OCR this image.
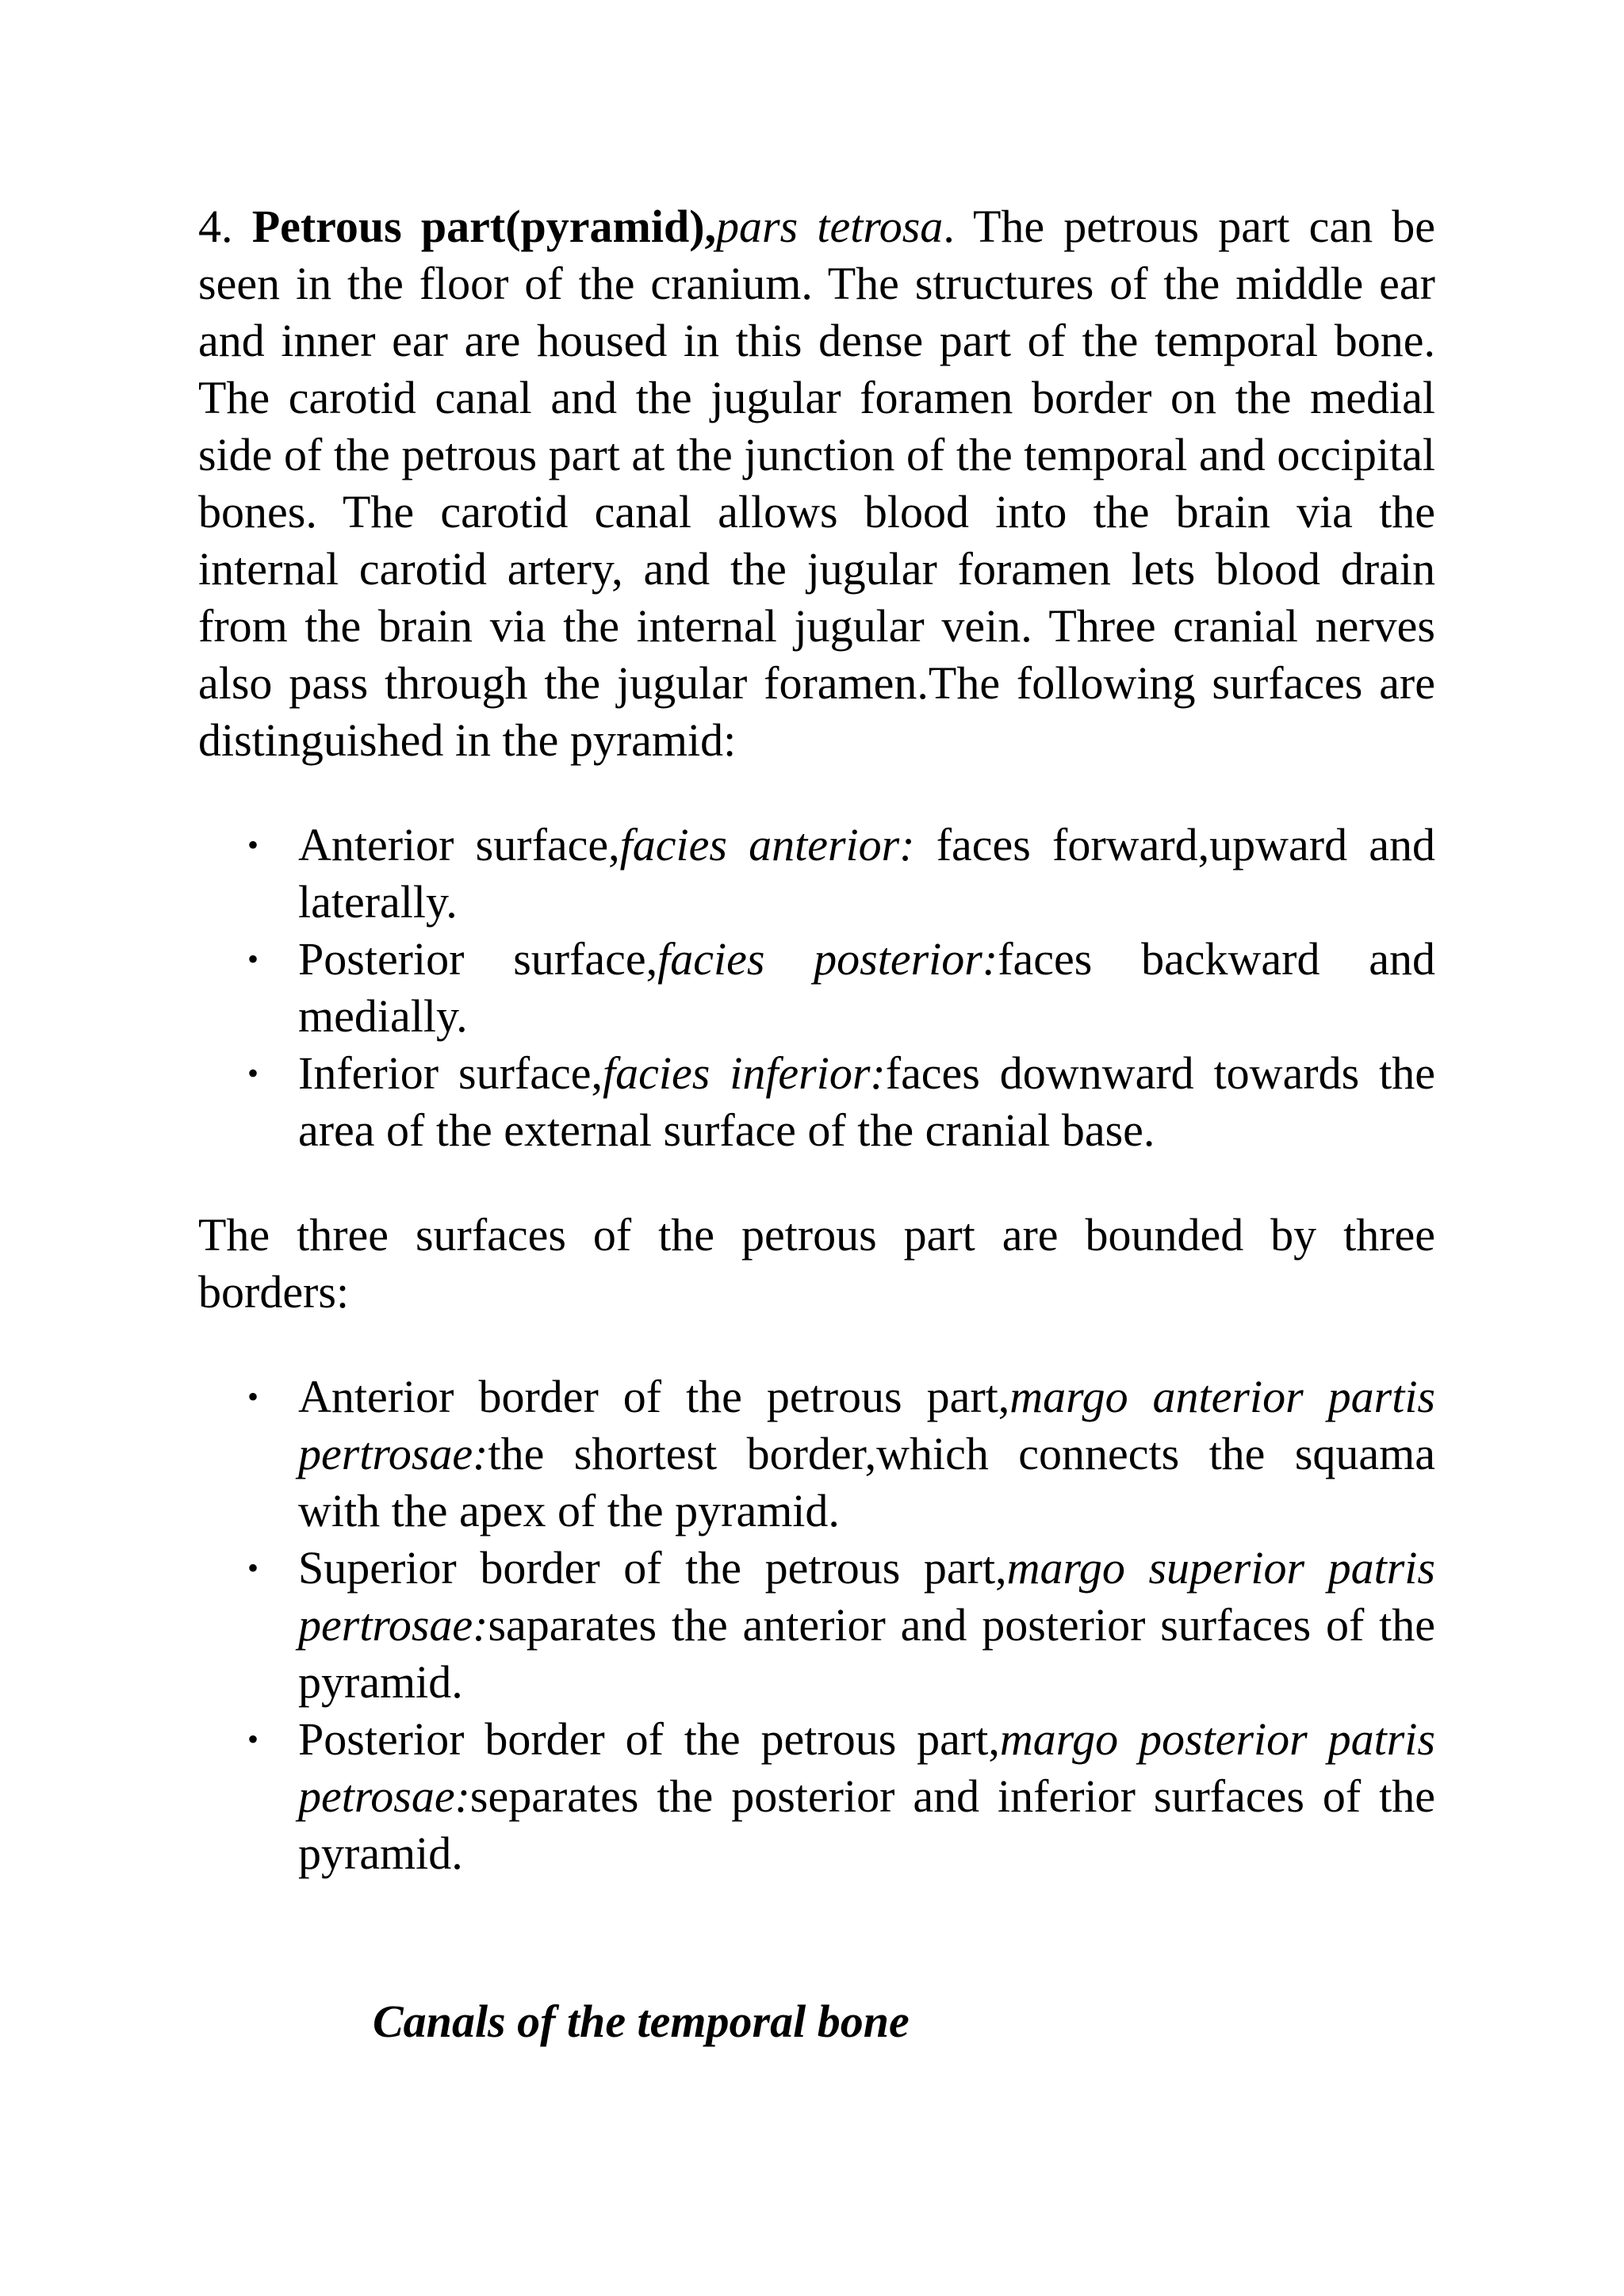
4. Petrous part(pyramid),pars tetrosa. The petrous part can be seen in the floor of the cranium. The structures of the middle ear and inner ear are housed in this dense part of the temporal bone. The carotid canal and the jugular foramen border on the medial side of the petrous part at the junction of the temporal and occipital bones. The carotid canal allows blood into the brain via the internal carotid artery, and the jugular foramen lets blood drain from the brain via the internal jugular vein. Three cranial nerves also pass through the jugular foramen.The following surfaces are distinguished in the pyramid:

• Anterior surface,facies anterior: faces forward,upward and laterally.
• Posterior surface,facies posterior:faces backward and medially.
• Inferior surface,facies inferior:faces downward towards the area of the external surface of the cranial base.

The three surfaces of the petrous part are bounded by three borders:

• Anterior border of the petrous part,margo anterior partis pertrosae:the shortest border,which connects the squama with the apex of the pyramid.
• Superior border of the petrous part,margo superior patris pertrosae:saparates the anterior and posterior surfaces of the pyramid.
• Posterior border of the petrous part,margo posterior patris petrosae:separates the posterior and inferior surfaces of the pyramid.

Canals of the temporal bone
